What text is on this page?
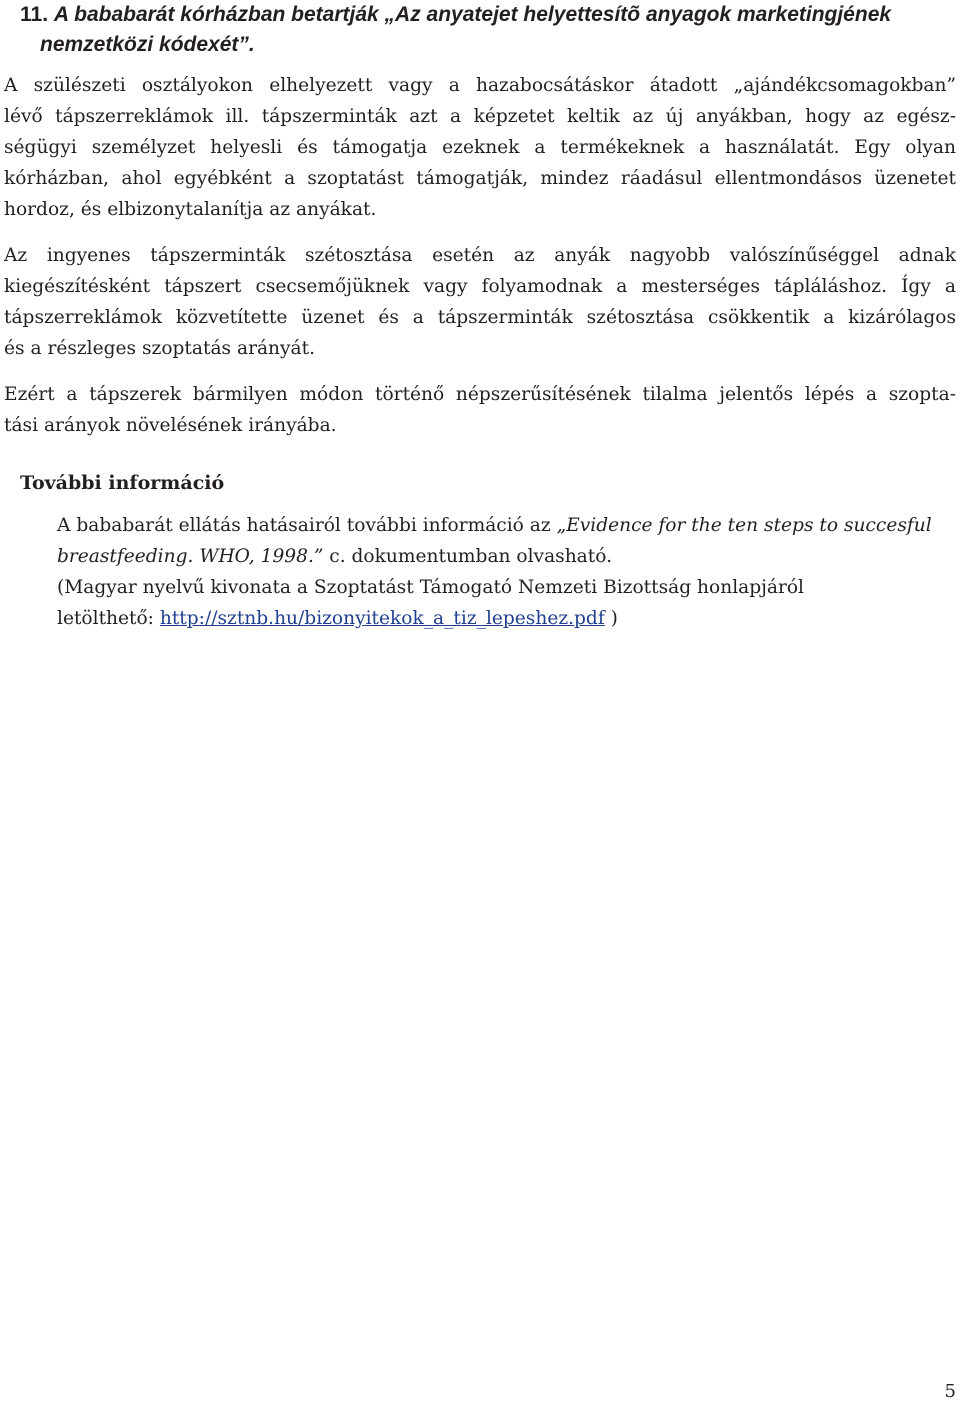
11. A bababarát kórházban betartják „Az anyatejet helyettesítõ anyagok marketingjének
nemzetközi kódexét”.

A szülészeti osztályokon elhelyezett vagy a hazabocsátáskor átadott „ajándékcsomagokban”
lévő tápszerreklámok ill. tápszerminták azt a képzetet keltik az új anyákban, hogy az egész-
ségügyi személyzet helyesli és támogatja ezeknek a termékeknek a használatát. Egy olyan
kórházban, ahol egyébként a szoptatást támogatják, mindez ráadásul ellentmondásos üzenetet
hordoz, és elbizonytalanítja az anyákat.

Az ingyenes tápszerminták szétosztása esetén az anyák nagyobb valószínűséggel adnak
kiegészítésként tápszert csecsemőjüknek vagy folyamodnak a mesterséges tápláláshoz. Így a
tápszerreklámok közvetítette üzenet és a tápszerminták szétosztása csökkentik a kizárólagos
és a részleges szoptatás arányát.

Ezért a tápszerek bármilyen módon történő népszerűsítésének tilalma jelentős lépés a szopta-
tási arányok növelésének irányába.

További információ
A bababarát ellátás hatásairól további információ az „Evidence for the ten steps to succesful
breastfeeding. WHO, 1998.” c. dokumentumban olvasható.
(Magyar nyelvű kivonata a Szoptatást Támogató Nemzeti Bizottság honlapjáról
letölthető: http://sztnb.hu/bizonyitekok_a_tiz_lepeshez.pdf )
5
